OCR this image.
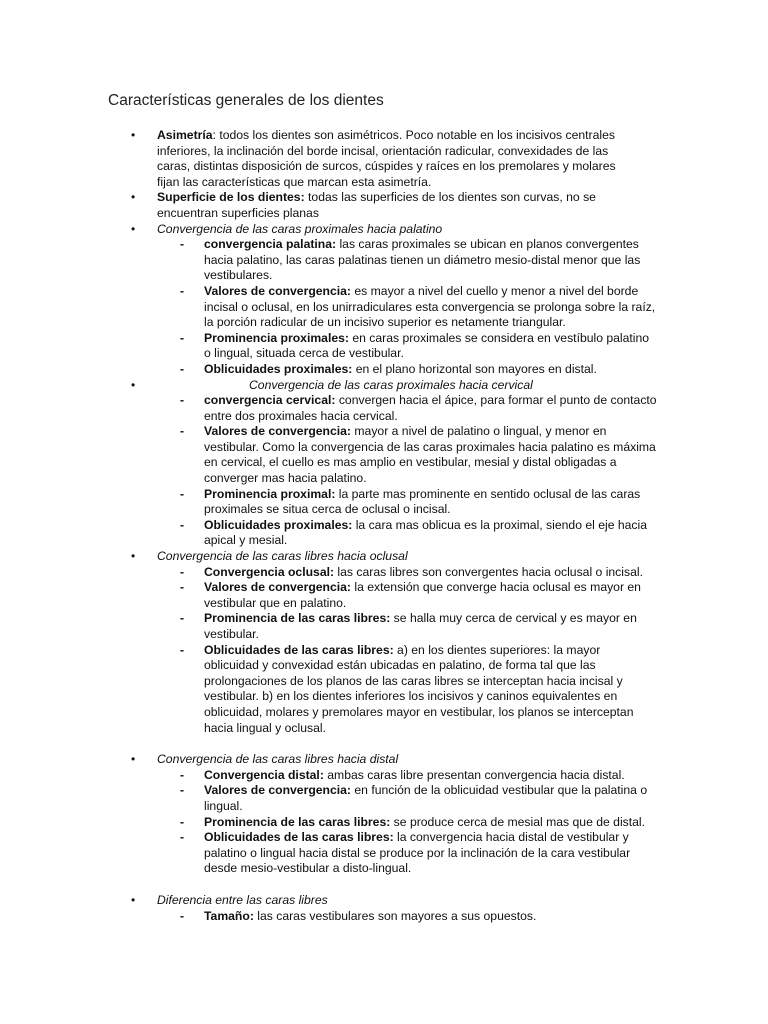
Características generales de los dientes
• Asimetría: todos los dientes son asimétricos. Poco notable en los incisivos centrales inferiores, la inclinación del borde incisal, orientación radicular, convexidades de las caras, distintas disposición de surcos, cúspides y raíces en los premolares y molares fijan las características que marcan esta asimetría.
• Superficie de los dientes: todas las superficies de los dientes son curvas, no se encuentran superficies planas
• Convergencia de las caras proximales hacia palatino
- convergencia palatina: las caras proximales se ubican en planos convergentes hacia palatino, las caras palatinas tienen un diámetro mesio-distal menor que las vestibulares.
- Valores de convergencia: es mayor a nivel del cuello y menor a nivel del borde incisal o oclusal, en los unirradiculares esta convergencia se prolonga sobre la raíz, la porción radicular de un incisivo superior es netamente triangular.
- Prominencia proximales: en caras proximales se considera en vestíbulo palatino o lingual, situada cerca de vestibular.
- Oblicuidades proximales: en el plano horizontal son mayores en distal.
•	Convergencia de las caras proximales hacia cervical
- convergencia cervical: convergen hacia el ápice, para formar el punto de contacto entre dos proximales hacia cervical.
- Valores de convergencia: mayor a nivel de palatino o lingual, y menor en vestibular. Como la convergencia de las caras proximales hacia palatino es máxima en cervical, el cuello es mas amplio en vestibular, mesial y distal obligadas a converger mas hacia palatino.
- Prominencia proximal: la parte mas prominente en sentido oclusal de las caras proximales se situa cerca de oclusal o incisal.
- Oblicuidades proximales: la cara mas oblicua es la proximal, siendo el eje hacia apical y mesial.
• Convergencia de las caras libres hacia oclusal
- Convergencia oclusal: las caras libres son convergentes hacia oclusal o incisal.
- Valores de convergencia: la extensión que converge hacia oclusal es mayor en vestibular que en palatino.
- Prominencia de las caras libres: se halla muy cerca de cervical y es mayor en vestibular.
- Oblicuidades de las caras libres: a) en los dientes superiores: la mayor oblicuidad y convexidad están ubicadas en palatino, de forma tal que las prolongaciones de los planos de las caras libres se interceptan hacia incisal y vestibular. b) en los dientes inferiores los incisivos y caninos equivalentes en oblicuidad, molares y premolares mayor en vestibular, los planos se interceptan hacia lingual y oclusal.
• Convergencia de las caras libres hacia distal
- Convergencia distal: ambas caras libre presentan convergencia hacia distal.
- Valores de convergencia: en función de la oblicuidad vestibular que la palatina o lingual.
- Prominencia de las caras libres: se produce cerca de mesial mas que de distal.
- Oblicuidades de las caras libres: la convergencia hacia distal de vestibular y palatino o lingual hacia distal se produce por la inclinación de la cara vestibular desde mesio-vestibular a disto-lingual.
• Diferencia entre las caras libres
- Tamaño: las caras vestibulares son mayores a sus opuestos.
